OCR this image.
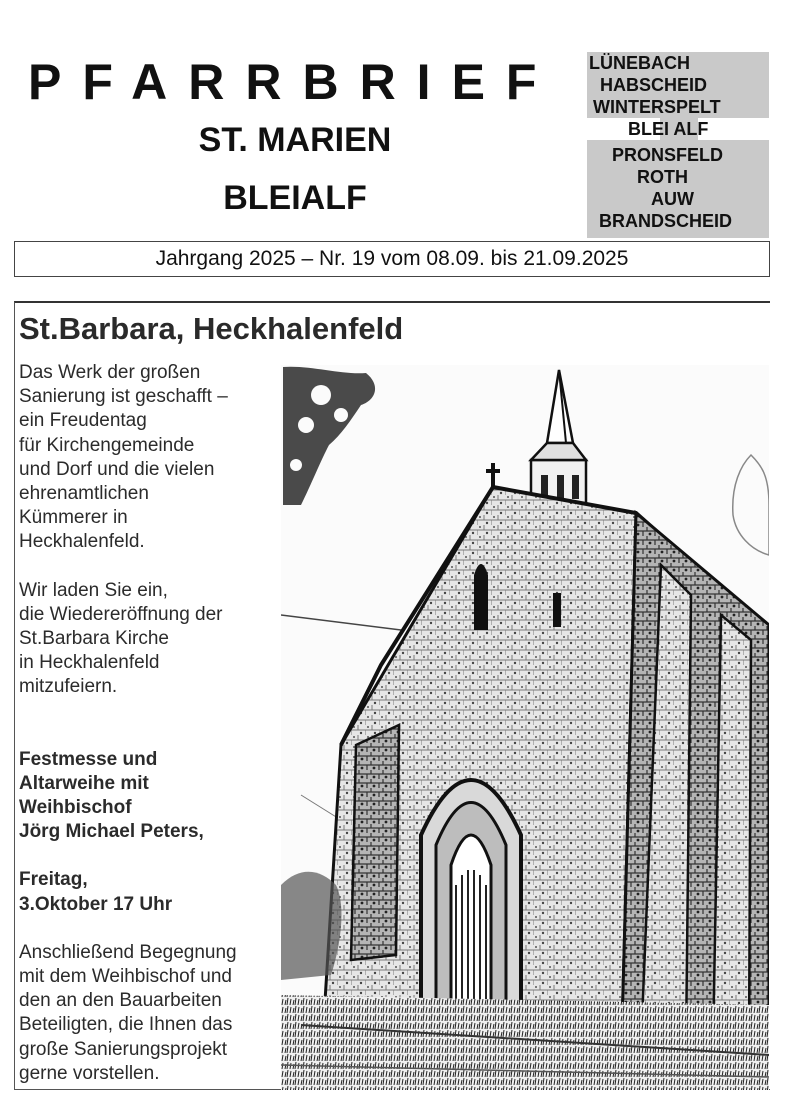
PFARRBRIEF
ST. MARIEN
BLEIALF
LÜNEBA CH
HABSC HEID
WINTER SPELT
BLE I ALF
PRON SFELD
RO TH
A UW
BRAND SCHEID
Jahrgang 2025 – Nr. 19 vom 08.09. bis 21.09.2025
St.Barbara, Heckhalenfeld

Das Werk der großen
Sanierung ist geschafft –
ein Freudentag
für Kirchengemeinde
und Dorf und die vielen
ehrenamtlichen
Kümmerer in
Heckhalenfeld.

Wir laden Sie ein,
die Wiedereröffnung der
St.Barbara Kirche
in Heckhalenfeld
mitzufeiern.

Festmesse und
Altarweihe mit
Weihbischof
Jörg Michael Peters,

Freitag,
3.Oktober 17 Uhr

Anschließend Begegnung
mit dem Weihbischof und
den an den Bauarbeiten
Beteiligten, die Ihnen das
große Sanierungsprojekt
gerne vorstellen.
